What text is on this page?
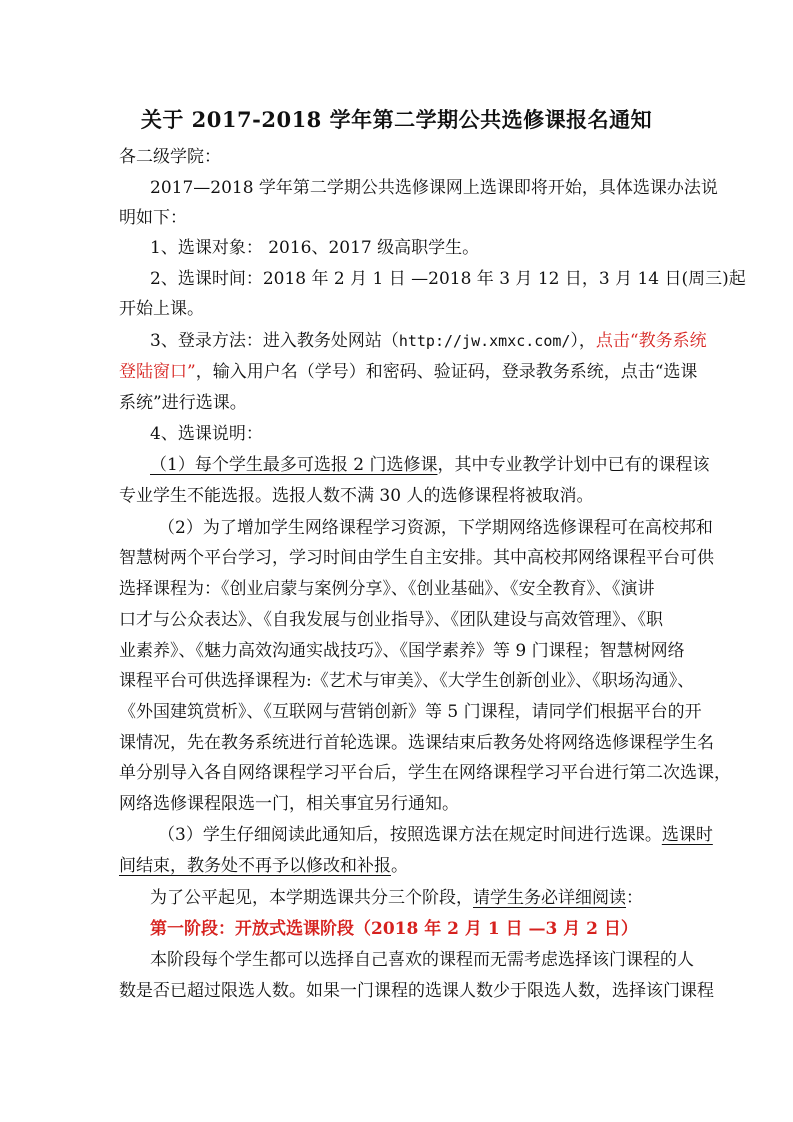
关于 2017-2018 学年第二学期公共选修课报名通知
各二级学院：
2017—2018 学年第二学期公共选修课网上选课即将开始，具体选课办法说
明如下：
1、选课对象： 2016、2017 级高职学生。
2、选课时间：2018 年 2 月 1 日 —2018 年 3 月 12 日，3 月 14 日(周三)起
开始上课。
3、登录方法：进入教务处网站（http://jw.xmxc.com/），点击“教务系统
登陆窗口”，输入用户名（学号）和密码、验证码，登录教务系统，点击“选课
系统”进行选课。
4、选课说明：
（1）每个学生最多可选报 2 门选修课，其中专业教学计划中已有的课程该
专业学生不能选报。选报人数不满 30 人的选修课程将被取消。
（2）为了增加学生网络课程学习资源，下学期网络选修课程可在高校邦和
智慧树两个平台学习，学习时间由学生自主安排。其中高校邦网络课程平台可供
选择课程为：《创业启蒙与案例分享》、《创业基础》、《安全教育》、《演讲
口才与公众表达》、《自我发展与创业指导》、《团队建设与高效管理》、《职
业素养》、《魅力高效沟通实战技巧》、《国学素养》等 9 门课程；智慧树网络
课程平台可供选择课程为:《艺术与审美》、《大学生创新创业》、《职场沟通》、
《外国建筑赏析》、《互联网与营销创新》等 5 门课程，请同学们根据平台的开
课情况，先在教务系统进行首轮选课。选课结束后教务处将网络选修课程学生名
单分别导入各自网络课程学习平台后，学生在网络课程学习平台进行第二次选课，
网络选修课程限选一门，相关事宜另行通知。
（3）学生仔细阅读此通知后，按照选课方法在规定时间进行选课。选课时
间结束，教务处不再予以修改和补报。
为了公平起见，本学期选课共分三个阶段，请学生务必详细阅读：
第一阶段：开放式选课阶段（2018 年 2 月 1 日 —3 月 2 日）
本阶段每个学生都可以选择自己喜欢的课程而无需考虑选择该门课程的人
数是否已超过限选人数。如果一门课程的选课人数少于限选人数，选择该门课程
